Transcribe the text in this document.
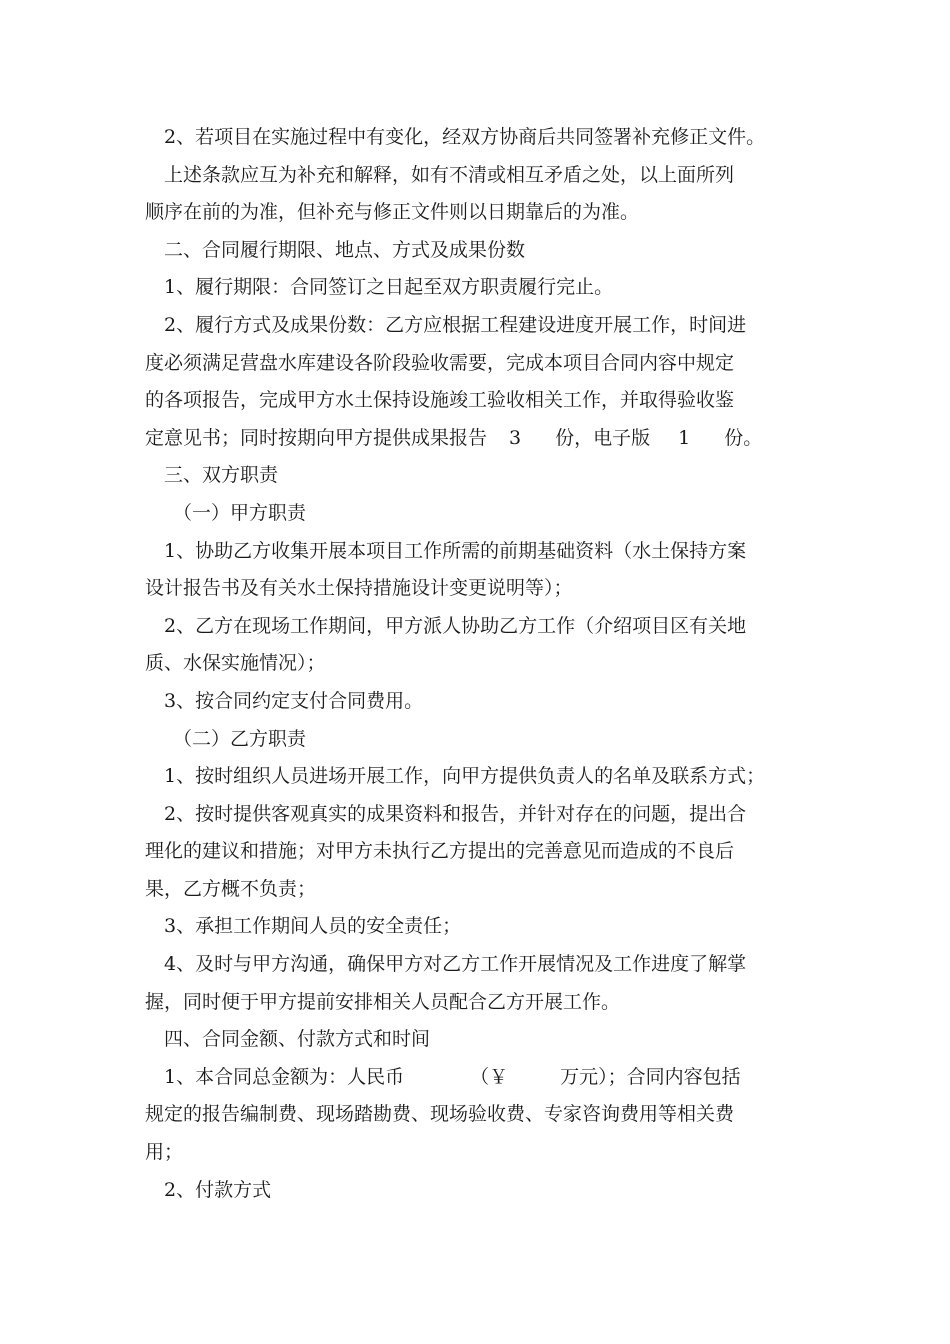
2、若项目在实施过程中有变化，经双方协商后共同签署补充修正文件。
上述条款应互为补充和解释，如有不清或相互矛盾之处，以上面所列
顺序在前的为准，但补充与修正文件则以日期靠后的为准。
二、合同履行期限、地点、方式及成果份数
1、履行期限：合同签订之日起至双方职责履行完止。
2、履行方式及成果份数：乙方应根据工程建设进度开展工作，时间进
度必须满足营盘水库建设各阶段验收需要，完成本项目合同内容中规定
的各项报告，完成甲方水土保持设施竣工验收相关工作，并取得验收鉴
定意见书；同时按期向甲方提供成果报告 3 份，电子版 1 份。
三、双方职责
（一）甲方职责
1、协助乙方收集开展本项目工作所需的前期基础资料（水土保持方案
设计报告书及有关水土保持措施设计变更说明等）；
2、乙方在现场工作期间，甲方派人协助乙方工作（介绍项目区有关地
质、水保实施情况）；
3、按合同约定支付合同费用。
（二）乙方职责
1、按时组织人员进场开展工作，向甲方提供负责人的名单及联系方式；
2、按时提供客观真实的成果资料和报告，并针对存在的问题，提出合
理化的建议和措施；对甲方未执行乙方提出的完善意见而造成的不良后
果，乙方概不负责；
3、承担工作期间人员的安全责任；
4、及时与甲方沟通，确保甲方对乙方工作开展情况及工作进度了解掌
握，同时便于甲方提前安排相关人员配合乙方开展工作。
四、合同金额、付款方式和时间
1、本合同总金额为：人民币	（￥	万元）；合同内容包括
规定的报告编制费、现场踏勘费、现场验收费、专家咨询费用等相关费
用；
2、付款方式
